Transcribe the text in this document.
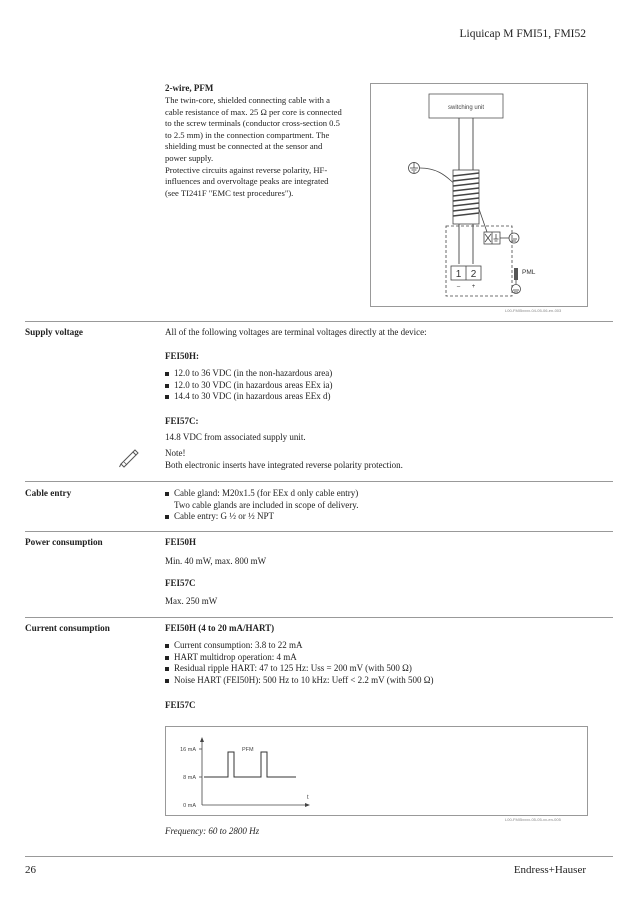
Liquicap M FMI51, FMI52
2-wire, PFM
The twin-core, shielded connecting cable with a
cable resistance of max. 25 Ω per core is connected
to the screw terminals (conductor cross-section 0.5
to 2.5 mm) in the connection compartment. The
shielding must be connected at the sensor and
power supply.
Protective circuits against reverse polarity, HF-
influences and overvoltage peaks are integrated
(see TI241F "EMC test procedures").
switching unit
1 2
– +
PML
L00-FMI5xxxx-04-05-06-en-003
Supply voltage	All of the following voltages are terminal voltages directly at the device:
FEI50H:
12.0 to 36 VDC (in the non-hazardous area)
12.0 to 30 VDC (in hazardous areas EEx ia)
14.4 to 30 VDC (in hazardous areas EEx d)
FEI57C:
14.8 VDC from associated supply unit.
Note!
Both electronic inserts have integrated reverse polarity protection.
Cable entry	Cable gland: M20x1.5 (for EEx d only cable entry)
Two cable glands are included in scope of delivery.
Cable entry: G ½ or ½ NPT
Power consumption	FEI50H
Min. 40 mW, max. 800 mW
FEI57C
Max. 250 mW
Current consumption	FEI50H (4 to 20 mA/HART)
Current consumption: 3.8 to 22 mA
HART multidrop operation: 4 mA
Residual ripple HART: 47 to 125 Hz: Uss = 200 mV (with 500 Ω)
Noise HART (FEI50H): 500 Hz to 10 kHz: Ueff < 2.2 mV (with 500 Ω)
FEI57C
16 mA
8 mA
0 mA
PFM
t
L00-FMI5xxxx-05-05-xx-en-005
Frequency: 60 to 2800 Hz
26	Endress+Hauser
